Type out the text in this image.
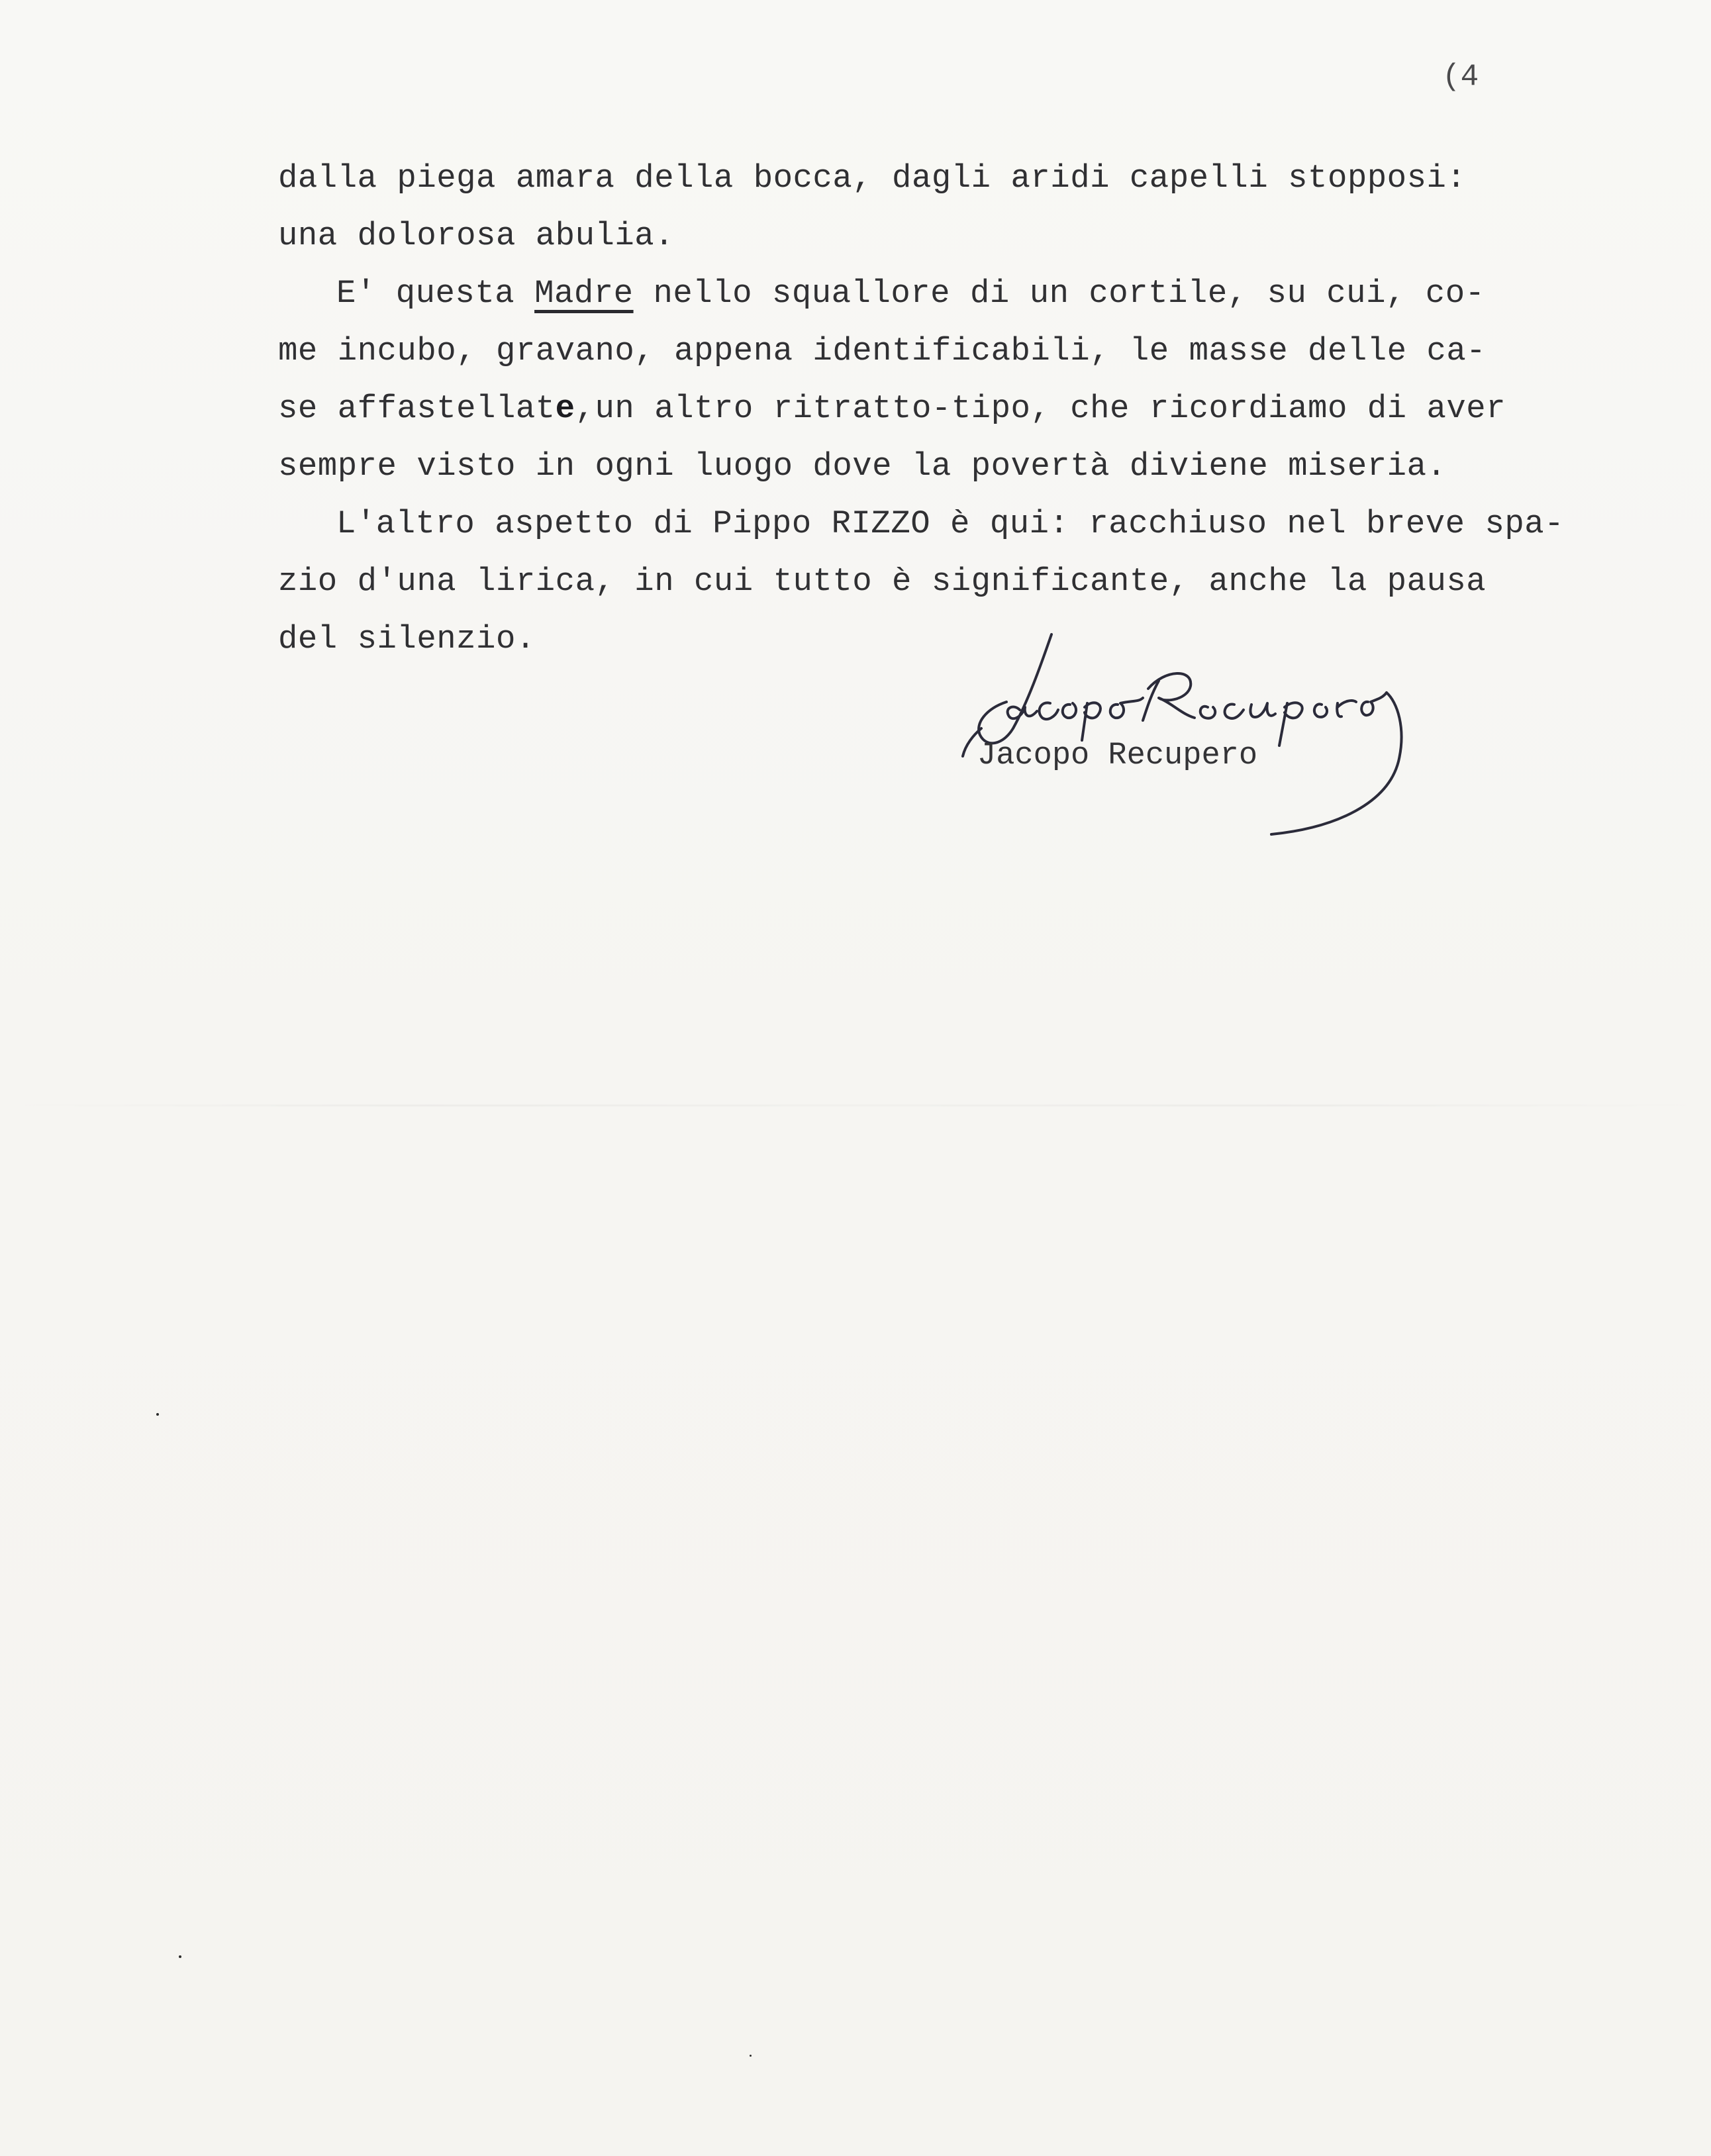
(4
dalla piega amara della bocca, dagli aridi capelli stopposi:
una dolorosa abulia.
E' questa Madre nello squallore di un cortile, su cui, co-
me incubo, gravano, appena identificabili, le masse delle ca-
se affastellate,un altro ritratto-tipo, che ricordiamo di aver
sempre visto in ogni luogo dove la povertà diviene miseria.
L'altro aspetto di Pippo RIZZO è qui: racchiuso nel breve spa-
zio d'una lirica, in cui tutto è significante, anche la pausa
del silenzio.
Jacopo Recupero
